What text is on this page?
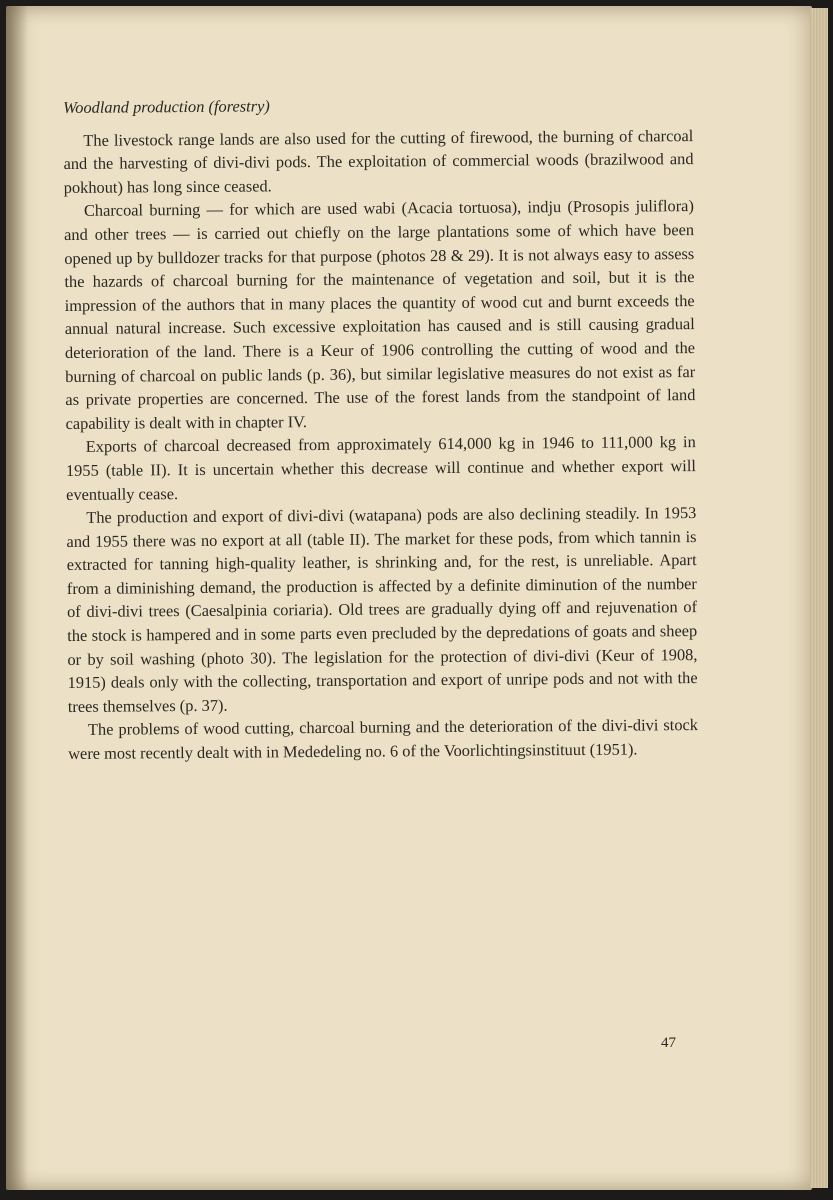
Woodland production (forestry)

The livestock range lands are also used for the cutting of firewood, the burning of charcoal and the harvesting of divi-divi pods. The exploitation of commercial woods (brazilwood and pokhout) has long since ceased.

Charcoal burning — for which are used wabi (Acacia tortuosa), indju (Prosopis juliflora) and other trees — is carried out chiefly on the large plantations some of which have been opened up by bulldozer tracks for that purpose (photos 28 & 29). It is not always easy to assess the hazards of charcoal burning for the maintenance of vegetation and soil, but it is the impression of the authors that in many places the quantity of wood cut and burnt exceeds the annual natural increase. Such excessive exploitation has caused and is still causing gradual deterioration of the land. There is a Keur of 1906 controlling the cutting of wood and the burning of charcoal on public lands (p. 36), but similar legislative measures do not exist as far as private properties are concerned. The use of the forest lands from the standpoint of land capability is dealt with in chapter IV.

Exports of charcoal decreased from approximately 614,000 kg in 1946 to 111,000 kg in 1955 (table II). It is uncertain whether this decrease will continue and whether export will eventually cease.

The production and export of divi-divi (watapana) pods are also declining steadily. In 1953 and 1955 there was no export at all (table II). The market for these pods, from which tannin is extracted for tanning high-quality leather, is shrinking and, for the rest, is unreliable. Apart from a diminishing demand, the production is affected by a definite diminution of the number of divi-divi trees (Caesalpinia coriaria). Old trees are gradually dying off and rejuvenation of the stock is hampered and in some parts even precluded by the depredations of goats and sheep or by soil washing (photo 30). The legislation for the protection of divi-divi (Keur of 1908, 1915) deals only with the collecting, transportation and export of unripe pods and not with the trees themselves (p. 37).

The problems of wood cutting, charcoal burning and the deterioration of the divi-divi stock were most recently dealt with in Mededeling no. 6 of the Voorlichtingsinstituut (1951).

47
